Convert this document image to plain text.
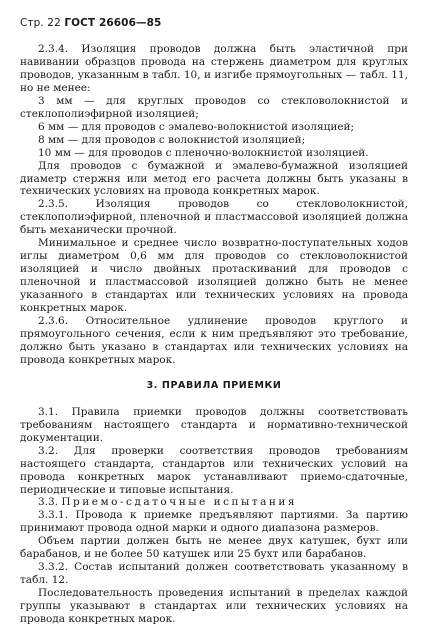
Стр. 22 ГОСТ 26606—85

2.3.4. Изоляция проводов должна быть эластичной при навивании образцов провода на стержень диаметром для круглых проводов, указанным в табл. 10, и изгибе прямоугольных — табл. 11, но не менее:

3 мм — для круглых проводов со стекловолокнистой и стеклополиэфирной изоляцией;

6 мм — для проводов с эмалево-волокнистой изоляцией;

8 мм — для проводов с волокнистой изоляцией;

10 мм — для проводов с пленочно-волокнистой изоляцией.

Для проводов с бумажной и эмалево-бумажной изоляцией диаметр стержня или метод его расчета должны быть указаны в технических условиях на провода конкретных марок.

2.3.5. Изоляция проводов со стекловолокнистой, стеклополиэфирной, пленочной и пластмассовой изоляцией должна быть механически прочной.

Минимальное и среднее число возвратно-поступательных ходов иглы диаметром 0,6 мм для проводов со стекловолокнистой изоляцией и число двойных протаскиваний для проводов с пленочной и пластмассовой изоляцией должно быть не менее указанного в стандартах или технических условиях на провода конкретных марок.

2.3.6. Относительное удлинение проводов круглого и прямоугольного сечения, если к ним предъявляют это требование, должно быть указано в стандартах или технических условиях на провода конкретных марок.

3. ПРАВИЛА ПРИЕМКИ

3.1. Правила приемки проводов должны соответствовать требованиям настоящего стандарта и нормативно-технической документации.

3.2. Для проверки соответствия проводов требованиям настоящего стандарта, стандартов или технических условий на провода конкретных марок устанавливают приемо-сдаточные, периодические и типовые испытания.

3.3. Приемо-сдаточные испытания

3.3.1. Провода к приемке предъявляют партиями. За партию принимают провода одной марки и одного диапазона размеров.

Объем партии должен быть не менее двух катушек, бухт или барабанов, и не более 50 катушек или 25 бухт или барабанов.

3.3.2. Состав испытаний должен соответствовать указанному в табл. 12.

Последовательность проведения испытаний в пределах каждой группы указывают в стандартах или технических условиях на провода конкретных марок.
